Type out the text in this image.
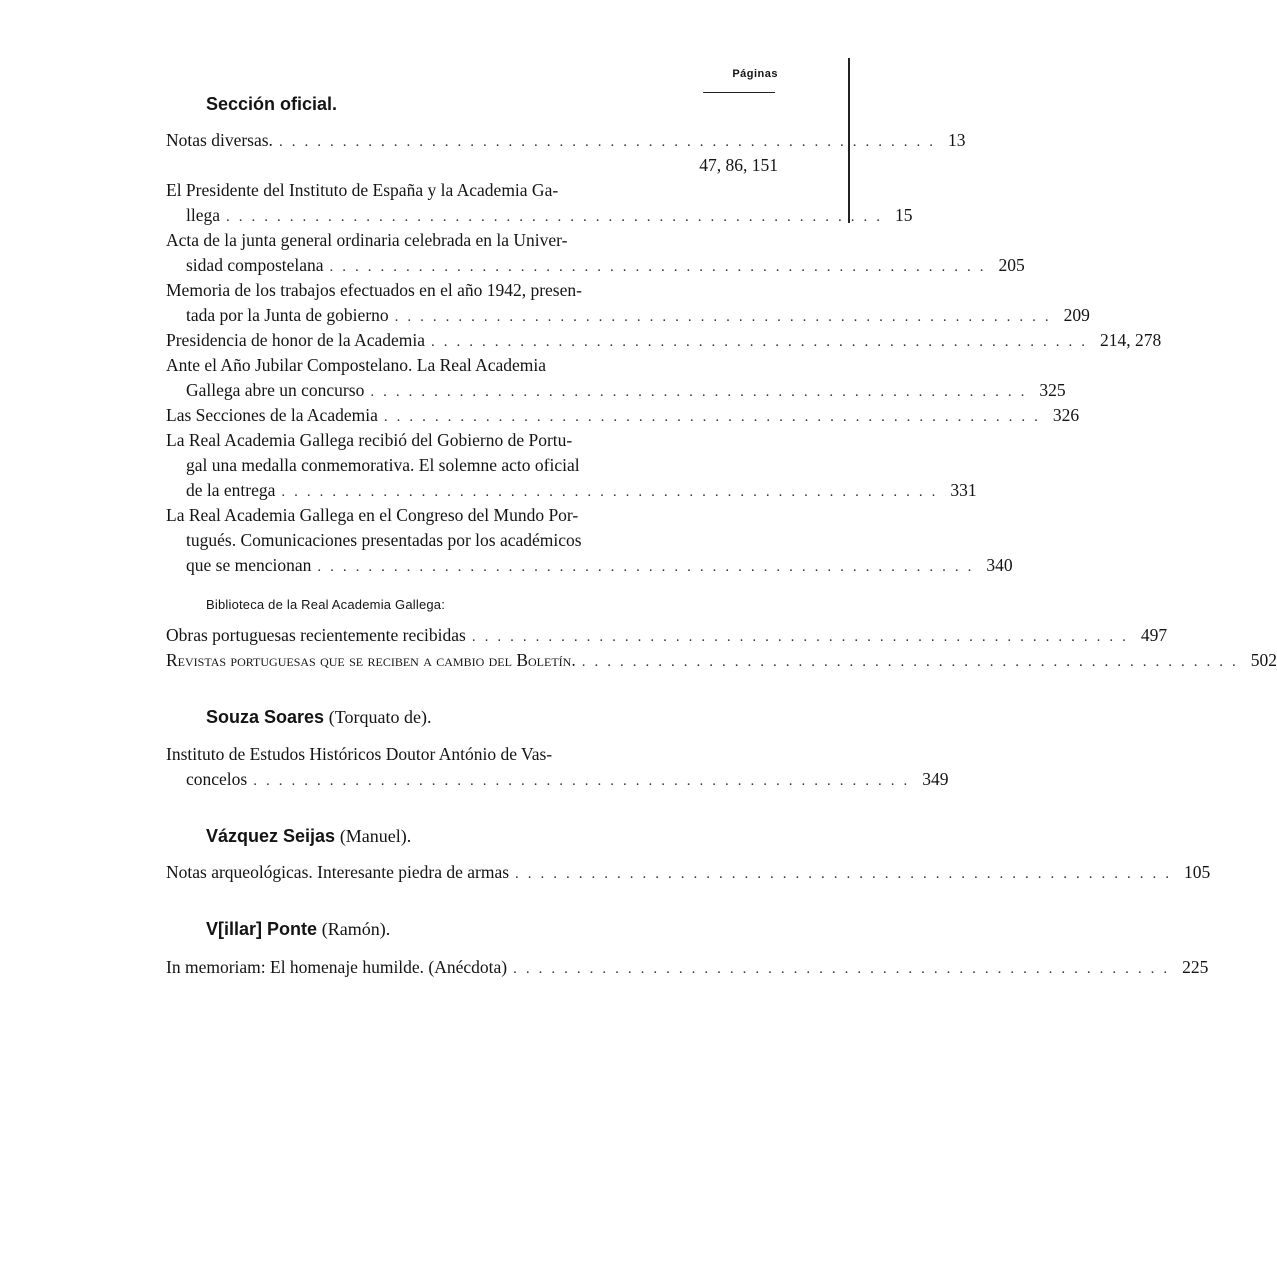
Páginas
Sección oficial.
Notas diversas. .................................................... 13
47, 86, 151
El Presidente del Instituto de España y la Academia Ga-
llega .................................................... 15
Acta de la junta general ordinaria celebrada en la Univer-
sidad compostelana .................................................... 205
Memoria de los trabajos efectuados en el año 1942, presen-
tada por la Junta de gobierno .................................................... 209
Presidencia de honor de la Academia .................................................... 214, 278
Ante el Año Jubilar Compostelano. La Real Academia
Gallega abre un concurso .................................................... 325
Las Secciones de la Academia .................................................... 326
La Real Academia Gallega recibió del Gobierno de Portu-
gal una medalla conmemorativa. El solemne acto oficial
de la entrega .................................................... 331
La Real Academia Gallega en el Congreso del Mundo Por-
tugués. Comunicaciones presentadas por los académicos
que se mencionan .................................................... 340
Biblioteca de la Real Academia Gallega:
Obras portuguesas recientemente recibidas .................................................... 497
Revistas portuguesas que se reciben a cambio del Boletín. .................................................... 502
Souza Soares (Torquato de).
Instituto de Estudos Históricos Doutor António de Vas-
concelos .................................................... 349
Vázquez Seijas (Manuel).
Notas arqueológicas. Interesante piedra de armas .................................................... 105
V[illar] Ponte (Ramón).
In memoriam: El homenaje humilde. (Anécdota) .................................................... 225
